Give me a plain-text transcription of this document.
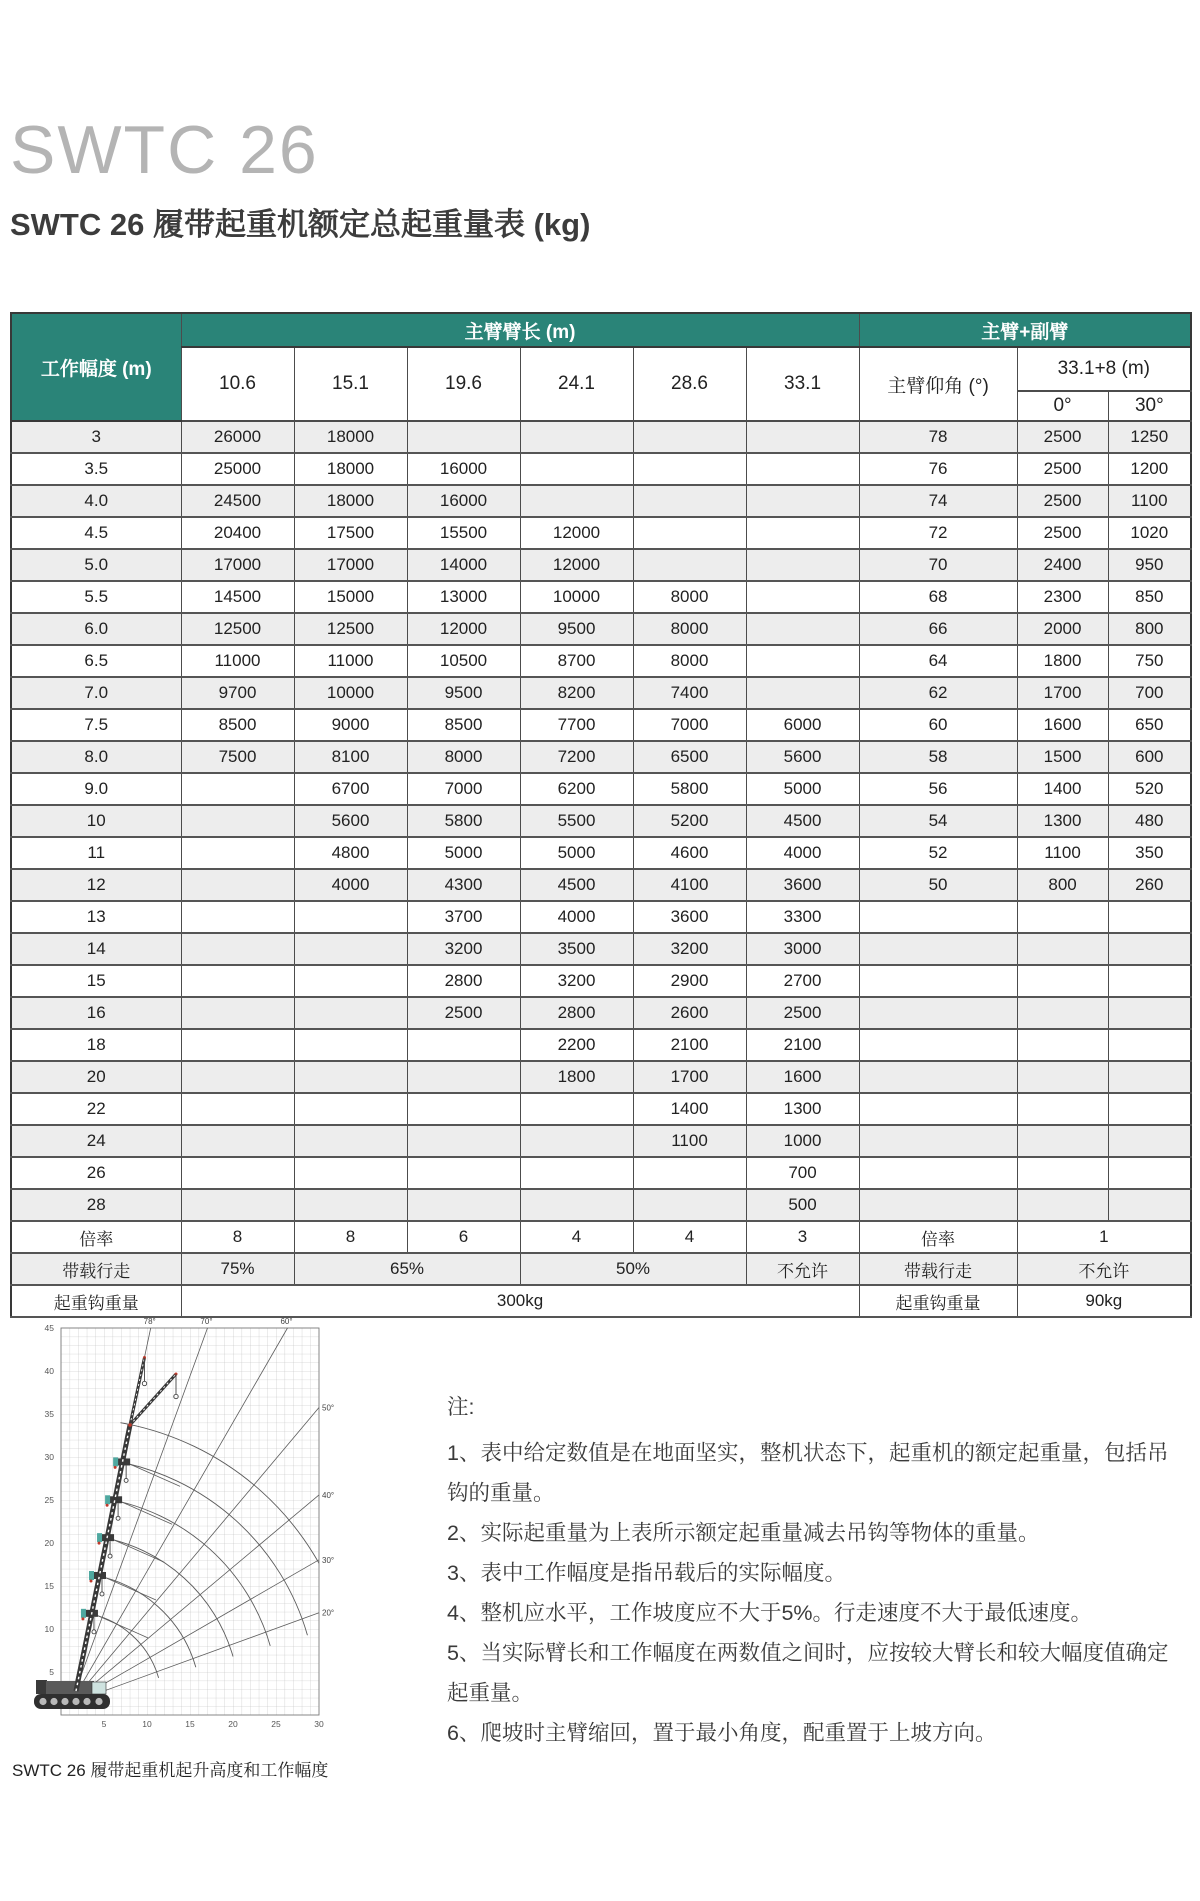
SWTC 26
SWTC 26 履带起重机额定总起重量表 (kg)
工作幅度 (m)	主臂臂长 (m)						主臂+副臂		
	10.6	15.1	19.6	24.1	28.6	33.1	主臂仰角 (°)	33.1+8 (m)	
								0°	30°
3	26000	18000					78	2500	1250
3.5	25000	18000	16000				76	2500	1200
4.0	24500	18000	16000				74	2500	1100
4.5	20400	17500	15500	12000			72	2500	1020
5.0	17000	17000	14000	12000			70	2400	950
5.5	14500	15000	13000	10000	8000		68	2300	850
6.0	12500	12500	12000	9500	8000		66	2000	800
6.5	11000	11000	10500	8700	8000		64	1800	750
7.0	9700	10000	9500	8200	7400		62	1700	700
7.5	8500	9000	8500	7700	7000	6000	60	1600	650
8.0	7500	8100	8000	7200	6500	5600	58	1500	600
9.0		6700	7000	6200	5800	5000	56	1400	520
10		5600	5800	5500	5200	4500	54	1300	480
11		4800	5000	5000	4600	4000	52	1100	350
12		4000	4300	4500	4100	3600	50	800	260
13			3700	4000	3600	3300			
14			3200	3500	3200	3000			
15			2800	3200	2900	2700			
16			2500	2800	2600	2500			
18				2200	2100	2100			
20				1800	1700	1600			
22					1400	1300			
24					1100	1000			
26						700			
28						500			
倍率	8	8	6	4	4	3	倍率	1	
带载行走	75%	65%		50%		不允许	带载行走	不允许	
起重钩重量	300kg						起重钩重量	90kg	
45
40
35
30
25
20
15
10
5
5	10	15	20	25	30
78°	70°	60°
50°
40°
30°
20°
SWTC 26 履带起重机起升高度和工作幅度

注:

1、表中给定数值是在地面坚实，整机状态下，起重机的额定起重量，包括吊钩的重量。
2、实际起重量为上表所示额定起重量减去吊钩等物体的重量。
3、表中工作幅度是指吊载后的实际幅度。
4、整机应水平，工作坡度应不大于5%。行走速度不大于最低速度。
5、当实际臂长和工作幅度在两数值之间时，应按较大臂长和较大幅度值确定起重量。
6、爬坡时主臂缩回，置于最小角度，配重置于上坡方向。
